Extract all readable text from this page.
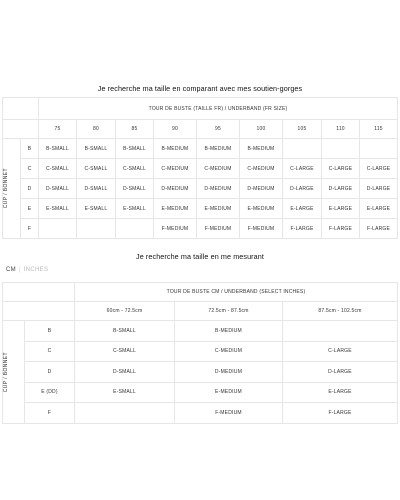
Je recherche ma taille en comparant avec mes soutien-gorges
		TOUR DE BUSTE (TAILLE FR) / UNDERBAND (FR SIZE)								
		75	80	85	90	95	100	105	110	115

CUP / BONNET	B	B-SMALL	B-SMALL	B-SMALL	B-MEDIUM	B-MEDIUM	B-MEDIUM			
	C	C-SMALL	C-SMALL	C-SMALL	C-MEDIUM	C-MEDIUM	C-MEDIUM	C-LARGE	C-LARGE	C-LARGE
	D	D-SMALL	D-SMALL	D-SMALL	D-MEDIUM	D-MEDIUM	D-MEDIUM	D-LARGE	D-LARGE	D-LARGE
	E	E-SMALL	E-SMALL	E-SMALL	E-MEDIUM	E-MEDIUM	E-MEDIUM	E-LARGE	E-LARGE	E-LARGE
	F				F-MEDIUM	F-MEDIUM	F-MEDIUM	F-LARGE	F-LARGE	F-LARGE
Je recherche ma taille en me mesurant
CM | INCHES
		TOUR DE BUSTE CM / UNDERBAND (SELECT INCHES)		
		60cm - 72.5cm	72.5cm - 87.5cm	87.5cm - 102.5cm

CUP / BONNET	B	B-SMALL	B-MEDIUM	
	C	C-SMALL	C-MEDIUM	C-LARGE
	D	D-SMALL	D-MEDIUM	D-LARGE
	E (DD)	E-SMALL	E-MEDIUM	E-LARGE
	F		F-MEDIUM	F-LARGE
